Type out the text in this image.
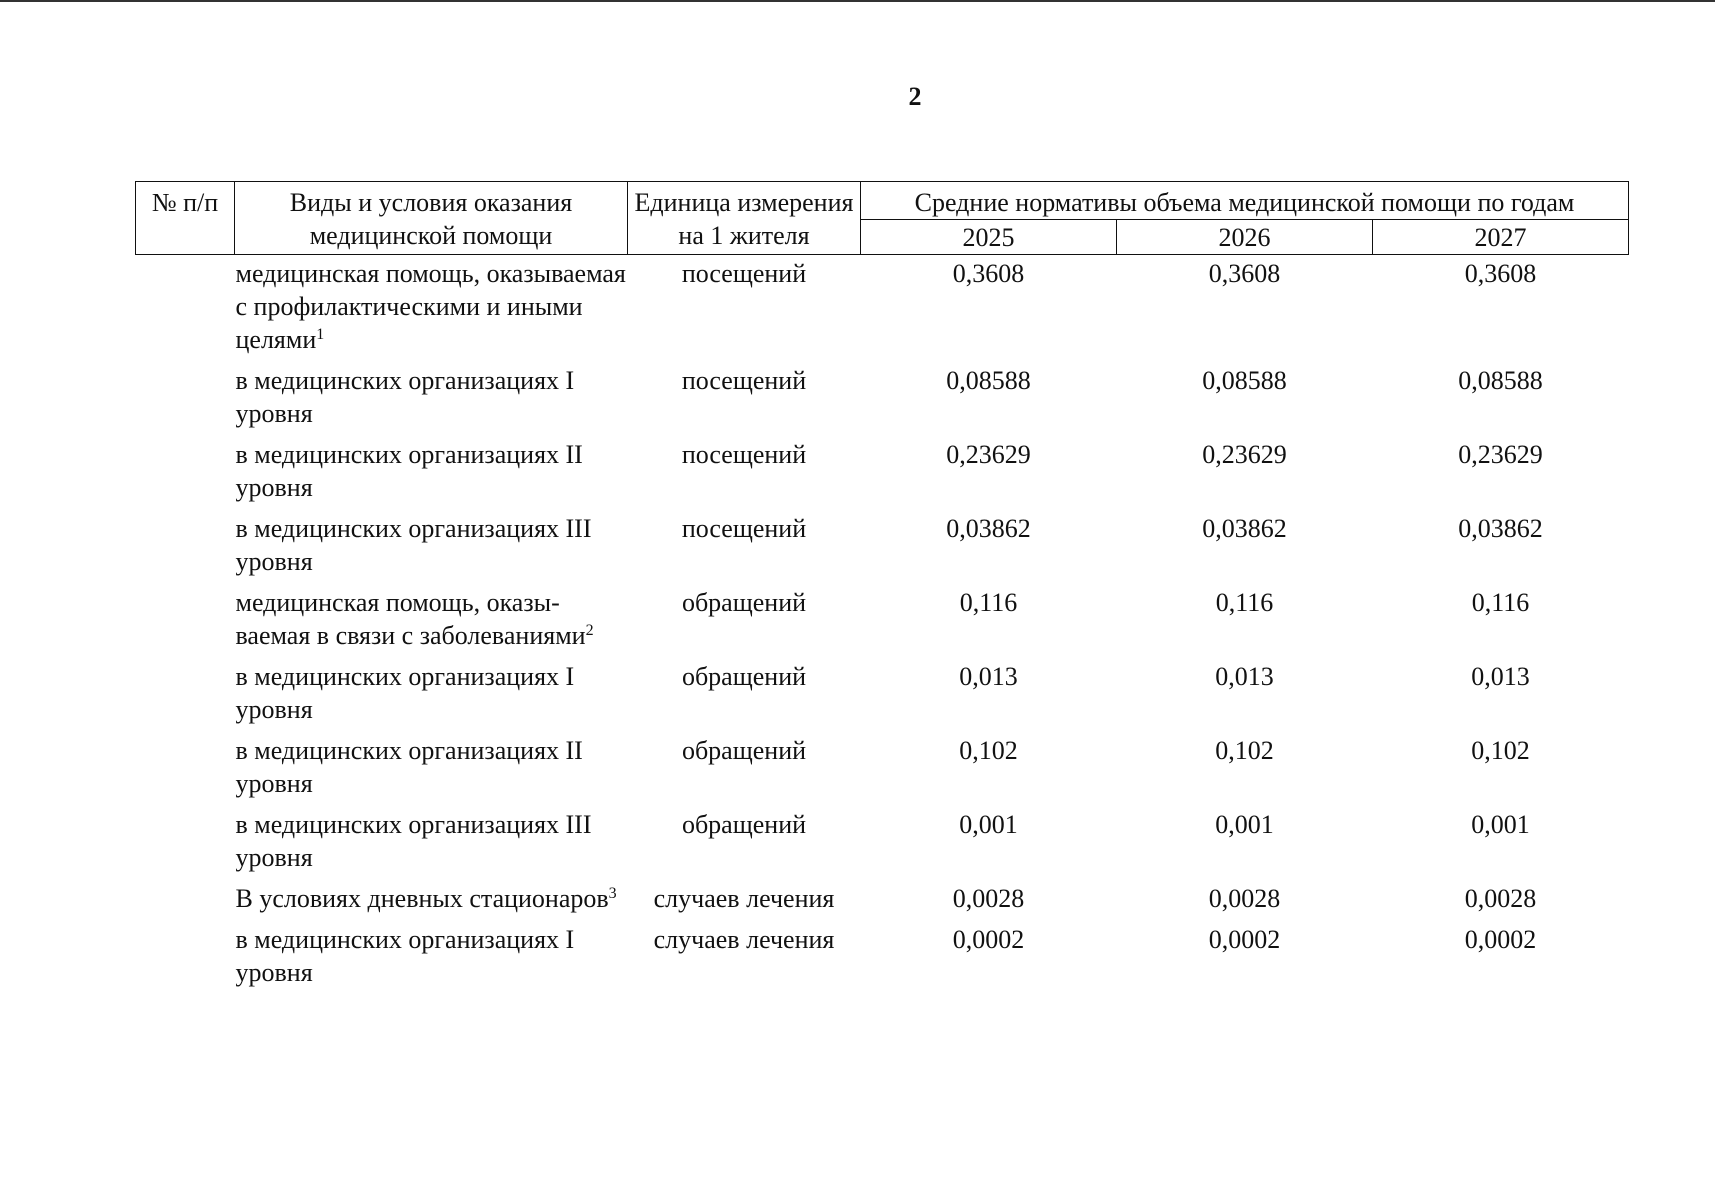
2
№ п/п	Виды и условия оказания медицинской помощи	Единица измерения на 1 жителя	Средние нормативы объема медицинской помощи по годам		
			2025	2026	2027
	медицинская помощь, оказываемая с профилактическими и иными целями$^1$	посещений	0,3608	0,3608	0,3608
	в медицинских организациях I уровня	посещений	0,08588	0,08588	0,08588
	в медицинских организациях II уровня	посещений	0,23629	0,23629	0,23629
	в медицинских организациях III уровня	посещений	0,03862	0,03862	0,03862
	медицинская помощь, оказы-ваемая в связи с заболеваниями$^2$	обращений	0,116	0,116	0,116
	в медицинских организациях I уровня	обращений	0,013	0,013	0,013
	в медицинских организациях II уровня	обращений	0,102	0,102	0,102
	в медицинских организациях III уровня	обращений	0,001	0,001	0,001
	В условиях дневных стационаров$^3$	случаев лечения	0,0028	0,0028	0,0028
	в медицинских организациях I уровня	случаев лечения	0,0002	0,0002	0,0002
